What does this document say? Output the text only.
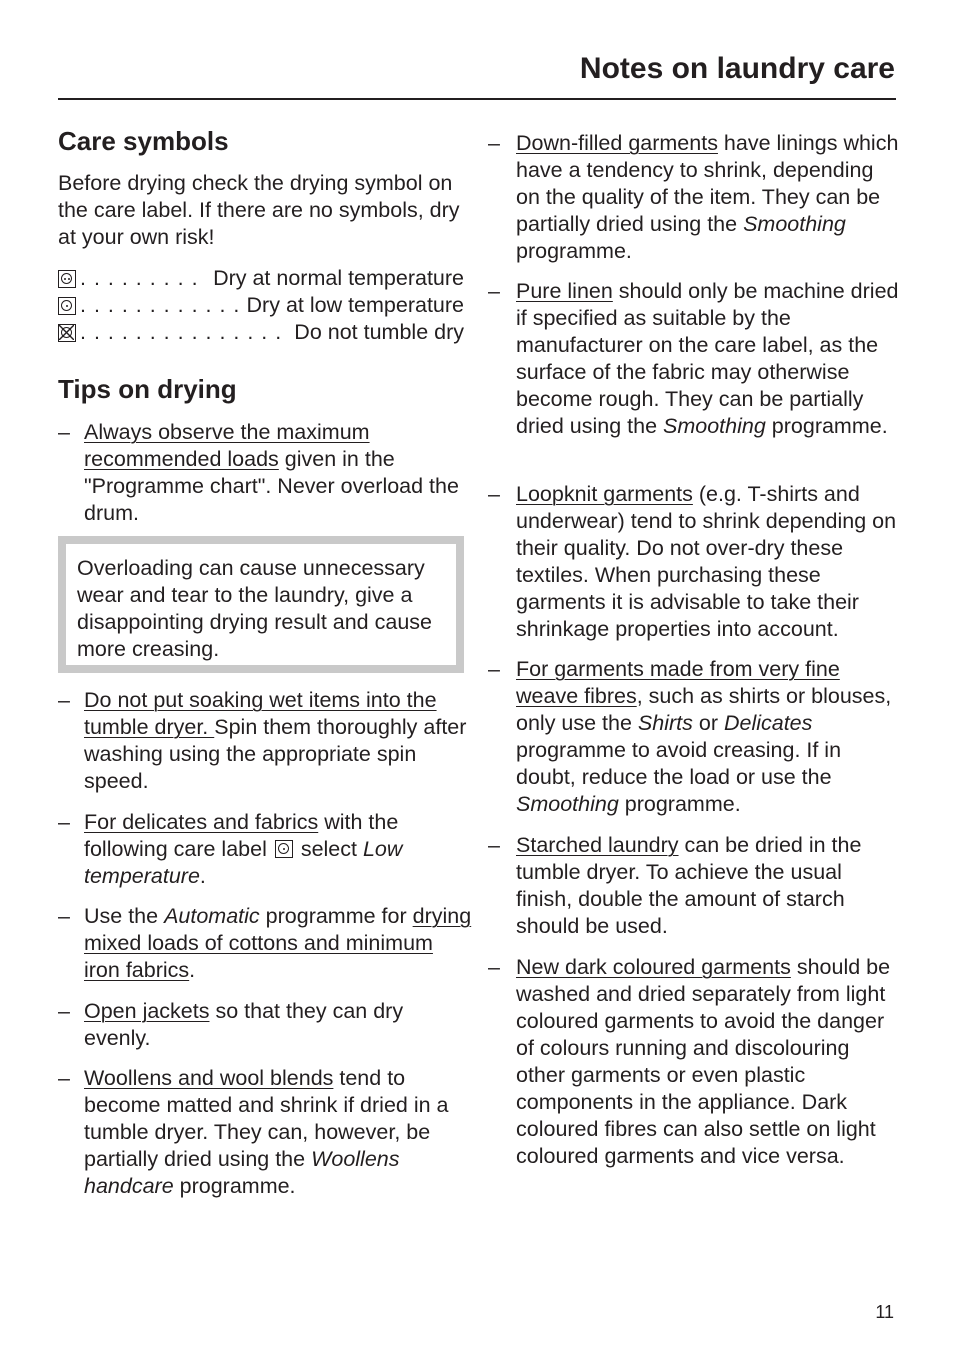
Notes on laundry care
Care symbols

Before drying check the drying symbol on the care label. If there are no symbols, dry at your own risk!

. . . . . . . . . Dry at normal temperature
. . . . . . . . . . . . Dry at low temperature
. . . . . . . . . . . . . . . Do not tumble dry
Tips on drying
– Always observe the maximum recommended loads given in the "Programme chart". Never overload the drum.

Overloading can cause unnecessary wear and tear to the laundry, give a disappointing drying result and cause more creasing.

– Do not put soaking wet items into the tumble dryer. Spin them thoroughly after washing using the appropriate spin speed.

– For delicates and fabrics with the following care label
select Low temperature.

– Use the Automatic programme for drying mixed loads of cottons and minimum iron fabrics.

– Open jackets so that they can dry evenly.

– Woollens and wool blends tend to become matted and shrink if dried in a tumble dryer. They can, however, be partially dried using the Woollens handcare programme.

– Down-filled garments have linings which have a tendency to shrink, depending on the quality of the item. They can be partially dried using the Smoothing programme.

– Pure linen should only be machine dried if specified as suitable by the manufacturer on the care label, as the surface of the fabric may otherwise become rough. They can be partially dried using the Smoothing programme.

– Loopknit garments (e.g. T-shirts and underwear) tend to shrink depending on their quality. Do not over-dry these textiles. When purchasing these garments it is advisable to take their shrinkage properties into account.

– For garments made from very fine weave fibres, such as shirts or blouses, only use the Shirts or Delicates programme to avoid creasing. If in doubt, reduce the load or use the Smoothing programme.

– Starched laundry can be dried in the tumble dryer. To achieve the usual finish, double the amount of starch should be used.

– New dark coloured garments should be washed and dried separately from light coloured garments to avoid the danger of colours running and discolouring other garments or even plastic components in the appliance. Dark coloured fibres can also settle on light coloured garments and vice versa.

11
